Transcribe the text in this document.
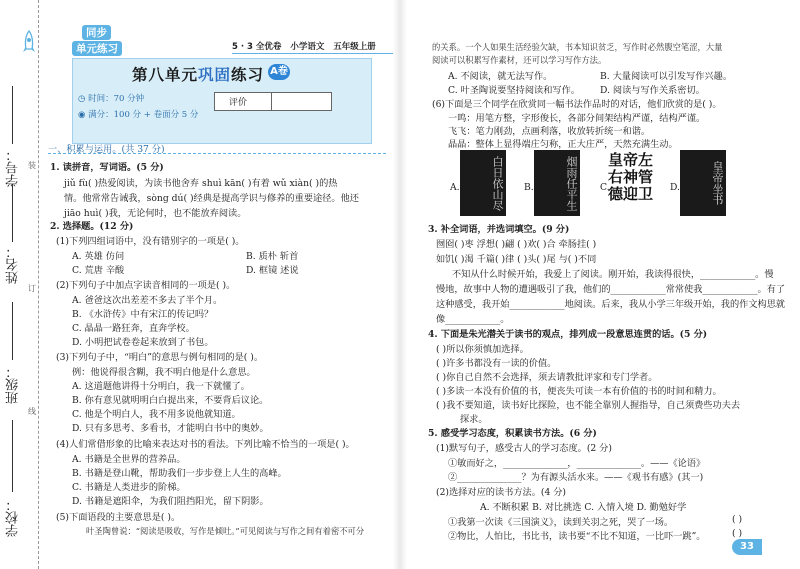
学号：
姓名：
班级：
学校：
装
订
线
同步
单元练习	5 · 3 全优卷 小学语文 五年级上册
第八单元巩固练习 A卷
◷ 时间：70 分钟
◉ 满分：100 分 + 卷面分 5 分
评价
一、积累与运用。(共 37 分)
1. 读拼音，写词语。(5 分)
jiǔ fù( )热爱阅读，为读书他舍弃 shuì kān( )有着 wǔ xiàn( )的热
情。他常常告诫我，sòng dú( )经典是提高学识与修养的重要途径。他还
jiāo huì( )我，无论何时，也不能放弃阅读。
2. 选择题。(12 分)
(1)下列四组词语中，没有错别字的一项是( )。
A. 英雄 仿问	B. 质朴 斩首
C. 荒唐 辛酸	D. 框镜 述说
(2)下列句子中加点字读音相同的一项是( )。
A. 爸爸这次出差差不多去了半个月。
B. 《水浒传》中有宋江的传记吗？
C. 晶晶一路狂奔，直奔学校。
D. 小明把试卷卷起来放到了书包。
(3)下列句子中，“明白”的意思与例句相同的是( )。
例：他说得很含糊，我不明白他是什么意思。
A. 这道题他讲得十分明白，我一下就懂了。
B. 你有意见就明明白白提出来，不要背后议论。
C. 他是个明白人，我不用多说他就知道。
D. 只有多思考、多看书，才能明白书中的奥妙。
(4)人们常借形象的比喻来表达对书的看法。下列比喻不恰当的一项是( )。
A. 书籍是全世界的营养品。
B. 书籍是登山靴，帮助我们一步步登上人生的高峰。
C. 书籍是人类进步的阶梯。
D. 书籍是遮阳伞，为我们阻挡阳光，留下阴影。
(5)下面语段的主要意思是( )。
叶圣陶曾说：“阅读是吸收，写作是倾吐。”可见阅读与写作之间有着密不可分
的关系。一个人如果生活经验欠缺，书本知识贫乏，写作时必然腹空笔涩，大量
阅读可以积累写作素材，还可以学习写作方法。
A. 不阅读，就无法写作。	B. 大量阅读可以引发写作兴趣。
C. 叶圣陶说要坚持阅读和写作。 D. 阅读与写作关系密切。
(6)下面是三个同学在欣赏同一幅书法作品时的对话，他们欣赏的是( )。
一鸣：用笔方整，字形俊长，各部分间架结构严谨，结构严谨。
飞飞：笔力刚劲，点画利落，收放转折统一和谐。
晶晶：整体上显得端庄匀称，正大庄严，天然充满生动。
A.	白日依山尽 B.	烟雨任平生 C.
皇帝左右神管德迎卫	D.	皇帝坐书
3. 补全词语，并选词填空。(9 分)
囫囵( )枣 浮想( )翩 ( )欢( )合 牵肠挂( )
如饥( )渴 千篇( )律 ( )头( )尾 与( )不同
不知从什么时候开始，我爱上了阅读。刚开始，我读得很快，____________。慢
慢地，故事中人物的遭遇吸引了我，他们的____________常常使我____________。有了
这种感受，我开始____________地阅读。后来，我从小学三年级开始，我的作文构思就
像____________。
4. 下面是朱光潜关于读书的观点，排列成一段意思连贯的话。(5 分)
( )所以你须慎加选择。
( )许多书都没有一读的价值。
( )你自己自然不会选择，须去请教批评家和专门学者。
( )多读一本没有价值的书，便丧失可读一本有价值的书的时间和精力。
( )我不要知道，读书好比探险，也不能全靠别人握指导，自己须费些功夫去
探求。
5. 感受学习态度，积累读书方法。(6 分)
(1)默写句子，感受古人的学习态度。(2 分)
①敏而好之，______________，______________。——《论语》
②______________？为有源头活水来。——《观书有感》(其一)
(2)选择对应的读书方法。(4 分)
A. 不断积累 B. 对比挑选 C. 入情入境 D. 勤勉好学
①我第一次读《三国演义》，读到关羽之死，哭了一场。	( )
②物比，人怕比，书比书，读书要“不比不知道，一比吓一跳”。	( )
33
